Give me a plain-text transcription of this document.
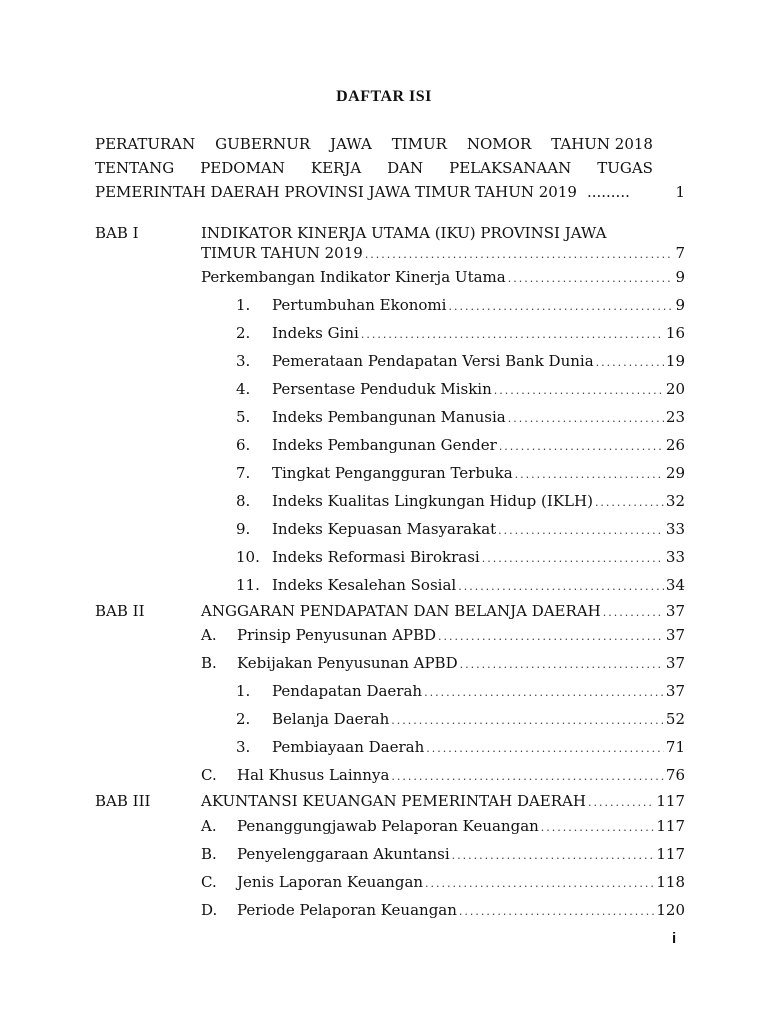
DAFTAR ISI
PERATURAN GUBERNUR JAWA TIMUR NOMOR TAHUN 2018
TENTANG PEDOMAN KERJA DAN PELAKSANAAN TUGAS
PEMERINTAH DAERAH PROVINSI JAWA TIMUR TAHUN 2019 .........	1
BAB I	INDIKATOR KINERJA UTAMA (IKU) PROVINSI JAWA
TIMUR TAHUN 2019 .....	7
Perkembangan Indikator Kinerja Utama .....	9
1.	Pertumbuhan Ekonomi .....	9
2.	Indeks Gini .....	16
3.	Pemerataan Pendapatan Versi Bank Dunia .....	19
4.	Persentase Penduduk Miskin .....	20
5.	Indeks Pembangunan Manusia .....	23
6.	Indeks Pembangunan Gender .....	26
7.	Tingkat Pengangguran Terbuka .....	29
8.	Indeks Kualitas Lingkungan Hidup (IKLH) .....	32
9.	Indeks Kepuasan Masyarakat .....	33
10. Indeks Reformasi Birokrasi .....	33
11. Indeks Kesalehan Sosial .....	34
BAB II	ANGGARAN PENDAPATAN DAN BELANJA DAERAH .....	37
A.	Prinsip Penyusunan APBD .....	37
B.	Kebijakan Penyusunan APBD .....	37
1.	Pendapatan Daerah .....	37
2.	Belanja Daerah .....	52
3.	Pembiayaan Daerah .....	71
C.	Hal Khusus Lainnya .....	76
BAB III	AKUNTANSI KEUANGAN PEMERINTAH DAERAH .....	117
A.	Penanggungjawab Pelaporan Keuangan .....	117
B.	Penyelenggaraan Akuntansi .....	117
C.	Jenis Laporan Keuangan .....	118
D.	Periode Pelaporan Keuangan .....	120
i
